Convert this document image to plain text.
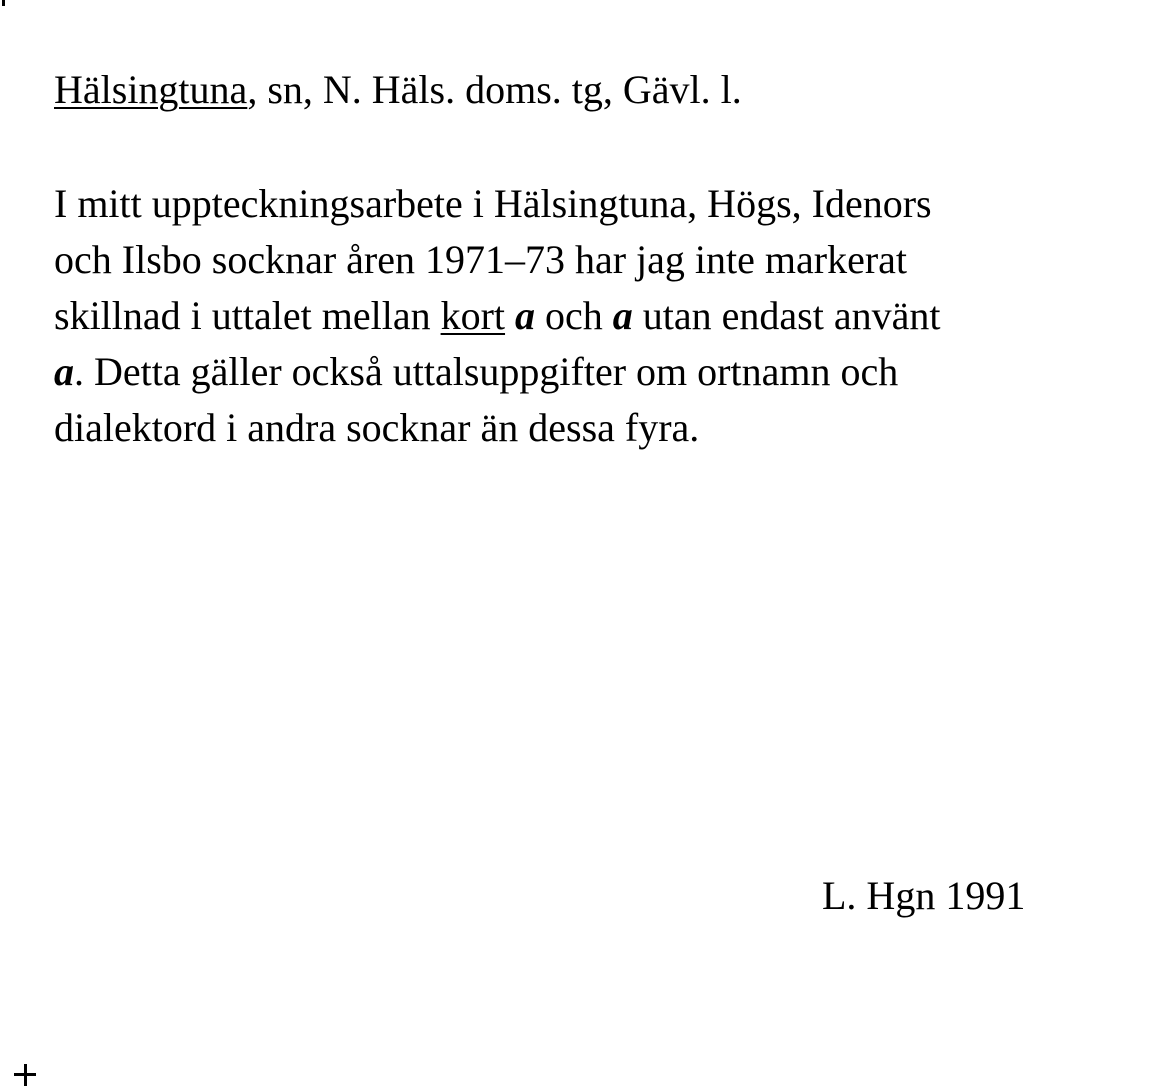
Hälsingtuna, sn, N. Häls. doms. tg, Gävl. l.
I mitt uppteckningsarbete i Hälsingtuna, Högs, Idenors
och Ilsbo socknar åren 1971–73 har jag inte markerat
skillnad i uttalet mellan kort a och a utan endast använt
a. Detta gäller också uttalsuppgifter om ortnamn och
dialektord i andra socknar än dessa fyra.
L. Hgn 1991
